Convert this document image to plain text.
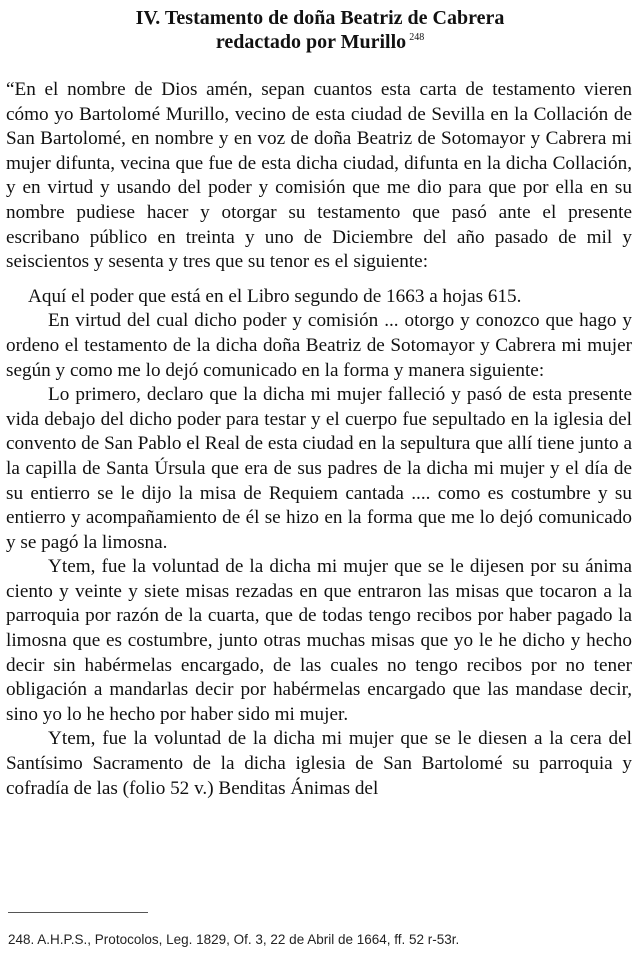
IV. Testamento de doña Beatriz de Cabrera
redactado por Murillo $^{248}$

“En el nombre de Dios amén, sepan cuantos esta carta de testamento vieren cómo yo Bartolomé Murillo, vecino de esta ciudad de Sevilla en la Collación de San Bartolomé, en nombre y en voz de doña Beatriz de Sotomayor y Cabrera mi mujer difunta, vecina que fue de esta dicha ciudad, difunta en la dicha Collación, y en virtud y usando del poder y comisión que me dio para que por ella en su nombre pudiese hacer y otorgar su testamento que pasó ante el presente escribano público en treinta y uno de Diciembre del año pasado de mil y seiscientos y sesenta y tres que su tenor es el siguiente:

Aquí el poder que está en el Libro segundo de 1663 a hojas 615.

En virtud del cual dicho poder y comisión ... otorgo y conozco que hago y ordeno el testamento de la dicha doña Beatriz de Sotomayor y Cabrera mi mujer según y como me lo dejó comunicado en la forma y manera siguiente:

Lo primero, declaro que la dicha mi mujer falleció y pasó de esta presente vida debajo del dicho poder para testar y el cuerpo fue sepultado en la iglesia del convento de San Pablo el Real de esta ciudad en la sepultura que allí tiene junto a la capilla de Santa Úrsula que era de sus padres de la dicha mi mujer y el día de su entierro se le dijo la misa de Requiem cantada .... como es costumbre y su entierro y acompañamiento de él se hizo en la forma que me lo dejó comunicado y se pagó la limosna.

Ytem, fue la voluntad de la dicha mi mujer que se le dijesen por su ánima ciento y veinte y siete misas rezadas en que entraron las misas que tocaron a la parroquia por razón de la cuarta, que de todas tengo recibos por haber pagado la limosna que es costumbre, junto otras muchas misas que yo le he dicho y hecho decir sin habérmelas encargado, de las cuales no tengo recibos por no tener obligación a mandarlas decir por habérmelas encargado que las mandase decir, sino yo lo he hecho por haber sido mi mujer.

Ytem, fue la voluntad de la dicha mi mujer que se le diesen a la cera del Santísimo Sacramento de la dicha iglesia de San Bartolomé su parroquia y cofradía de las (folio 52 v.) Benditas Ánimas del

248. A.H.P.S., Protocolos, Leg. 1829, Of. 3, 22 de Abril de 1664, ff. 52 r-53r.
